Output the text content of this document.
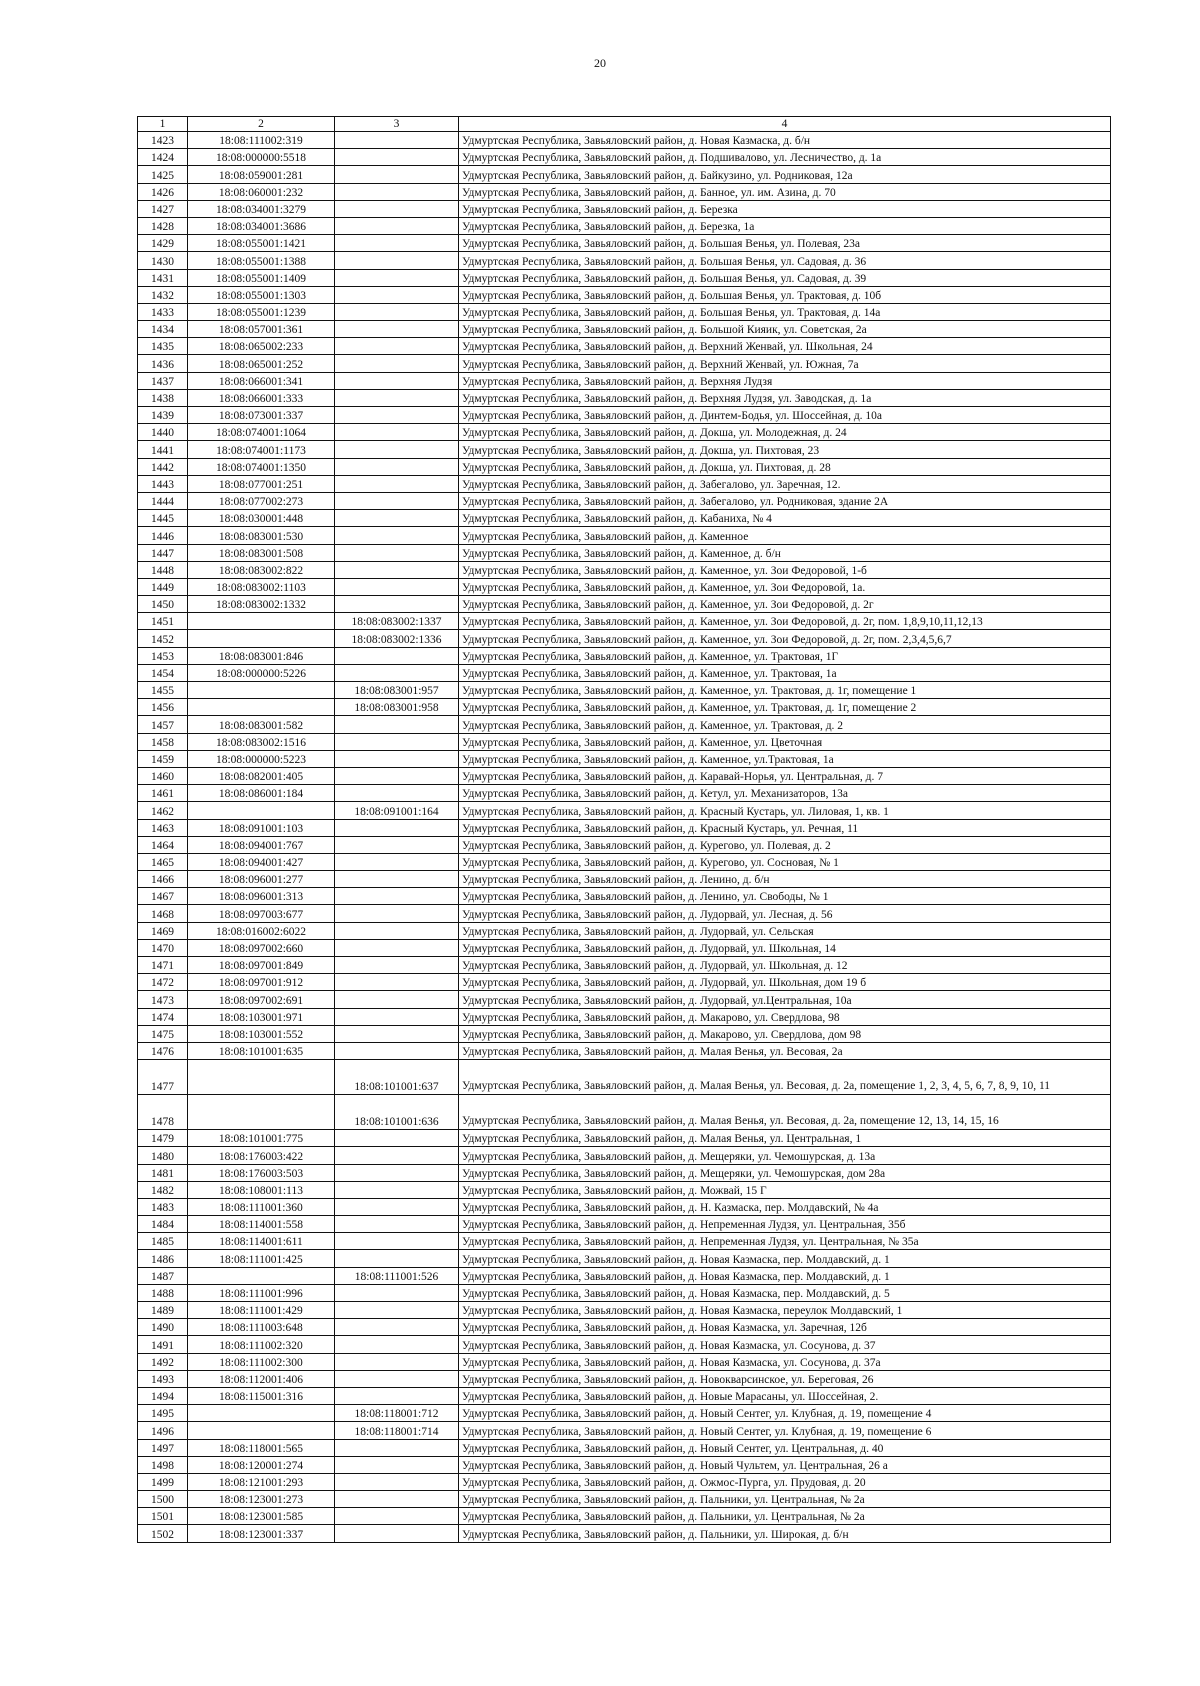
20
1	2	3	4
1423	18:08:111002:319		Удмуртская Республика, Завьяловский район, д. Новая Казмаска, д. б/н
1424	18:08:000000:5518		Удмуртская Республика, Завьяловский район, д. Подшивалово, ул. Лесничество, д. 1а
1425	18:08:059001:281		Удмуртская Республика, Завьяловский район, д. Байкузино, ул. Родниковая, 12а
1426	18:08:060001:232		Удмуртская Республика, Завьяловский район, д. Банное, ул. им. Азина, д. 70
1427	18:08:034001:3279		Удмуртская Республика, Завьяловский район, д. Березка
1428	18:08:034001:3686		Удмуртская Республика, Завьяловский район, д. Березка, 1а
1429	18:08:055001:1421		Удмуртская Республика, Завьяловский район, д. Большая Венья, ул. Полевая, 23а
1430	18:08:055001:1388		Удмуртская Республика, Завьяловский район, д. Большая Венья, ул. Садовая, д. 36
1431	18:08:055001:1409		Удмуртская Республика, Завьяловский район, д. Большая Венья, ул. Садовая, д. 39
1432	18:08:055001:1303		Удмуртская Республика, Завьяловский район, д. Большая Венья, ул. Трактовая, д. 10б
1433	18:08:055001:1239		Удмуртская Республика, Завьяловский район, д. Большая Венья, ул. Трактовая, д. 14а
1434	18:08:057001:361		Удмуртская Республика, Завьяловский район, д. Большой Кияик, ул. Советская, 2а
1435	18:08:065002:233		Удмуртская Республика, Завьяловский район, д. Верхний Женвай, ул. Школьная, 24
1436	18:08:065001:252		Удмуртская Республика, Завьяловский район, д. Верхний Женвай, ул. Южная, 7а
1437	18:08:066001:341		Удмуртская Республика, Завьяловский район, д. Верхняя Лудзя
1438	18:08:066001:333		Удмуртская Республика, Завьяловский район, д. Верхняя Лудзя, ул. Заводская, д. 1а
1439	18:08:073001:337		Удмуртская Республика, Завьяловский район, д. Динтем-Бодья, ул. Шоссейная, д. 10а
1440	18:08:074001:1064		Удмуртская Республика, Завьяловский район, д. Докша, ул. Молодежная, д. 24
1441	18:08:074001:1173		Удмуртская Республика, Завьяловский район, д. Докша, ул. Пихтовая, 23
1442	18:08:074001:1350		Удмуртская Республика, Завьяловский район, д. Докша, ул. Пихтовая, д. 28
1443	18:08:077001:251		Удмуртская Республика, Завьяловский район, д. Забегалово, ул. Заречная, 12.
1444	18:08:077002:273		Удмуртская Республика, Завьяловский район, д. Забегалово, ул. Родниковая, здание 2А
1445	18:08:030001:448		Удмуртская Республика, Завьяловский район, д. Кабаниха, № 4
1446	18:08:083001:530		Удмуртская Республика, Завьяловский район, д. Каменное
1447	18:08:083001:508		Удмуртская Республика, Завьяловский район, д. Каменное, д. б/н
1448	18:08:083002:822		Удмуртская Республика, Завьяловский район, д. Каменное, ул. Зои Федоровой, 1-б
1449	18:08:083002:1103		Удмуртская Республика, Завьяловский район, д. Каменное, ул. Зои Федоровой, 1а.
1450	18:08:083002:1332		Удмуртская Республика, Завьяловский район, д. Каменное, ул. Зои Федоровой, д. 2г
1451		18:08:083002:1337	Удмуртская Республика, Завьяловский район, д. Каменное, ул. Зои Федоровой, д. 2г, пом. 1,8,9,10,11,12,13
1452		18:08:083002:1336	Удмуртская Республика, Завьяловский район, д. Каменное, ул. Зои Федоровой, д. 2г, пом. 2,3,4,5,6,7
1453	18:08:083001:846		Удмуртская Республика, Завьяловский район, д. Каменное, ул. Трактовая, 1Г
1454	18:08:000000:5226		Удмуртская Республика, Завьяловский район, д. Каменное, ул. Трактовая, 1а
1455		18:08:083001:957	Удмуртская Республика, Завьяловский район, д. Каменное, ул. Трактовая, д. 1г, помещение 1
1456		18:08:083001:958	Удмуртская Республика, Завьяловский район, д. Каменное, ул. Трактовая, д. 1г, помещение 2
1457	18:08:083001:582		Удмуртская Республика, Завьяловский район, д. Каменное, ул. Трактовая, д. 2
1458	18:08:083002:1516		Удмуртская Республика, Завьяловский район, д. Каменное, ул. Цветочная
1459	18:08:000000:5223		Удмуртская Республика, Завьяловский район, д. Каменное, ул.Трактовая, 1а
1460	18:08:082001:405		Удмуртская Республика, Завьяловский район, д. Каравай-Норья, ул. Центральная, д. 7
1461	18:08:086001:184		Удмуртская Республика, Завьяловский район, д. Кетул, ул. Механизаторов, 13а
1462		18:08:091001:164	Удмуртская Республика, Завьяловский район, д. Красный Кустарь, ул. Лиловая, 1, кв. 1
1463	18:08:091001:103		Удмуртская Республика, Завьяловский район, д. Красный Кустарь, ул. Речная, 11
1464	18:08:094001:767		Удмуртская Республика, Завьяловский район, д. Курегово, ул. Полевая, д. 2
1465	18:08:094001:427		Удмуртская Республика, Завьяловский район, д. Курегово, ул. Сосновая, № 1
1466	18:08:096001:277		Удмуртская Республика, Завьяловский район, д. Ленино, д. б/н
1467	18:08:096001:313		Удмуртская Республика, Завьяловский район, д. Ленино, ул. Свободы, № 1
1468	18:08:097003:677		Удмуртская Республика, Завьяловский район, д. Лудорвай, ул. Лесная, д. 56
1469	18:08:016002:6022		Удмуртская Республика, Завьяловский район, д. Лудорвай, ул. Сельская
1470	18:08:097002:660		Удмуртская Республика, Завьяловский район, д. Лудорвай, ул. Школьная, 14
1471	18:08:097001:849		Удмуртская Республика, Завьяловский район, д. Лудорвай, ул. Школьная, д. 12
1472	18:08:097001:912		Удмуртская Республика, Завьяловский район, д. Лудорвай, ул. Школьная, дом 19 б
1473	18:08:097002:691		Удмуртская Республика, Завьяловский район, д. Лудорвай, ул.Центральная, 10а
1474	18:08:103001:971		Удмуртская Республика, Завьяловский район, д. Макарово, ул. Свердлова, 98
1475	18:08:103001:552		Удмуртская Республика, Завьяловский район, д. Макарово, ул. Свердлова, дом 98
1476	18:08:101001:635		Удмуртская Республика, Завьяловский район, д. Малая Венья, ул. Весовая, 2а
1477		18:08:101001:637	Удмуртская Республика, Завьяловский район, д. Малая Венья, ул. Весовая, д. 2а, помещение 1, 2, 3, 4, 5, 6, 7, 8, 9, 10, 11
1478		18:08:101001:636	Удмуртская Республика, Завьяловский район, д. Малая Венья, ул. Весовая, д. 2а, помещение 12, 13, 14, 15, 16
1479	18:08:101001:775		Удмуртская Республика, Завьяловский район, д. Малая Венья, ул. Центральная, 1
1480	18:08:176003:422		Удмуртская Республика, Завьяловский район, д. Мещеряки, ул. Чемошурская, д. 13а
1481	18:08:176003:503		Удмуртская Республика, Завьяловский район, д. Мещеряки, ул. Чемошурская, дом 28а
1482	18:08:108001:113		Удмуртская Республика, Завьяловский район, д. Можвай, 15 Г
1483	18:08:111001:360		Удмуртская Республика, Завьяловский район, д. Н. Казмаска, пер. Молдавский, № 4а
1484	18:08:114001:558		Удмуртская Республика, Завьяловский район, д. Непременная Лудзя, ул. Центральная, 35б
1485	18:08:114001:611		Удмуртская Республика, Завьяловский район, д. Непременная Лудзя, ул. Центральная, № 35а
1486	18:08:111001:425		Удмуртская Республика, Завьяловский район, д. Новая Казмаска, пер. Молдавский, д. 1
1487		18:08:111001:526	Удмуртская Республика, Завьяловский район, д. Новая Казмаска, пер. Молдавский, д. 1
1488	18:08:111001:996		Удмуртская Республика, Завьяловский район, д. Новая Казмаска, пер. Молдавский, д. 5
1489	18:08:111001:429		Удмуртская Республика, Завьяловский район, д. Новая Казмаска, переулок Молдавский, 1
1490	18:08:111003:648		Удмуртская Республика, Завьяловский район, д. Новая Казмаска, ул. Заречная, 12б
1491	18:08:111002:320		Удмуртская Республика, Завьяловский район, д. Новая Казмаска, ул. Сосунова, д. 37
1492	18:08:111002:300		Удмуртская Республика, Завьяловский район, д. Новая Казмаска, ул. Сосунова, д. 37а
1493	18:08:112001:406		Удмуртская Республика, Завьяловский район, д. Новокварсинское, ул. Береговая, 26
1494	18:08:115001:316		Удмуртская Республика, Завьяловский район, д. Новые Марасаны, ул. Шоссейная, 2.
1495		18:08:118001:712	Удмуртская Республика, Завьяловский район, д. Новый Сентег, ул. Клубная, д. 19, помещение 4
1496		18:08:118001:714	Удмуртская Республика, Завьяловский район, д. Новый Сентег, ул. Клубная, д. 19, помещение 6
1497	18:08:118001:565		Удмуртская Республика, Завьяловский район, д. Новый Сентег, ул. Центральная, д. 40
1498	18:08:120001:274		Удмуртская Республика, Завьяловский район, д. Новый Чультем, ул. Центральная, 26 а
1499	18:08:121001:293		Удмуртская Республика, Завьяловский район, д. Ожмос-Пурга, ул. Прудовая, д. 20
1500	18:08:123001:273		Удмуртская Республика, Завьяловский район, д. Пальники, ул. Центральная, № 2а
1501	18:08:123001:585		Удмуртская Республика, Завьяловский район, д. Пальники, ул. Центральная, № 2а
1502	18:08:123001:337		Удмуртская Республика, Завьяловский район, д. Пальники, ул. Широкая, д. б/н
